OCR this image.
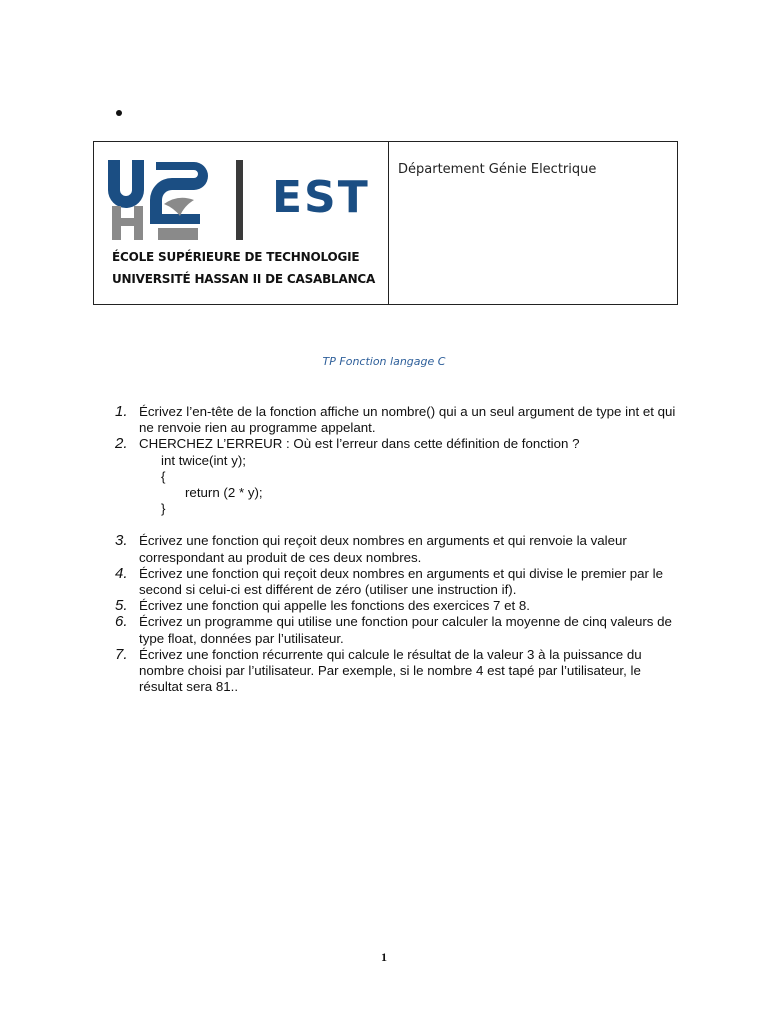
EST
ÉCOLE SUPÉRIEURE DE TECHNOLOGIE
UNIVERSITÉ HASSAN II DE CASABLANCA
Département Génie Electrique
TP Fonction langage C
1. Écrivez l’en-tête de la fonction affiche un nombre() qui a un seul argument de type int et qui ne renvoie rien au programme appelant.
2. CHERCHEZ L’ERREUR : Où est l’erreur dans cette définition de fonction ?
int twice(int y);
{
return (2 * y);
}
3. Écrivez une fonction qui reçoit deux nombres en arguments et qui renvoie la valeur correspondant au produit de ces deux nombres.
4. Écrivez une fonction qui reçoit deux nombres en arguments et qui divise le premier par le second si celui-ci est différent de zéro (utiliser une instruction if).
5. Écrivez une fonction qui appelle les fonctions des exercices 7 et 8.
6. Écrivez un programme qui utilise une fonction pour calculer la moyenne de cinq valeurs de type float, données par l’utilisateur.
7. Écrivez une fonction récurrente qui calcule le résultat de la valeur 3 à la puissance du nombre choisi par l’utilisateur. Par exemple, si le nombre 4 est tapé par l’utilisateur, le résultat sera 81..
1
